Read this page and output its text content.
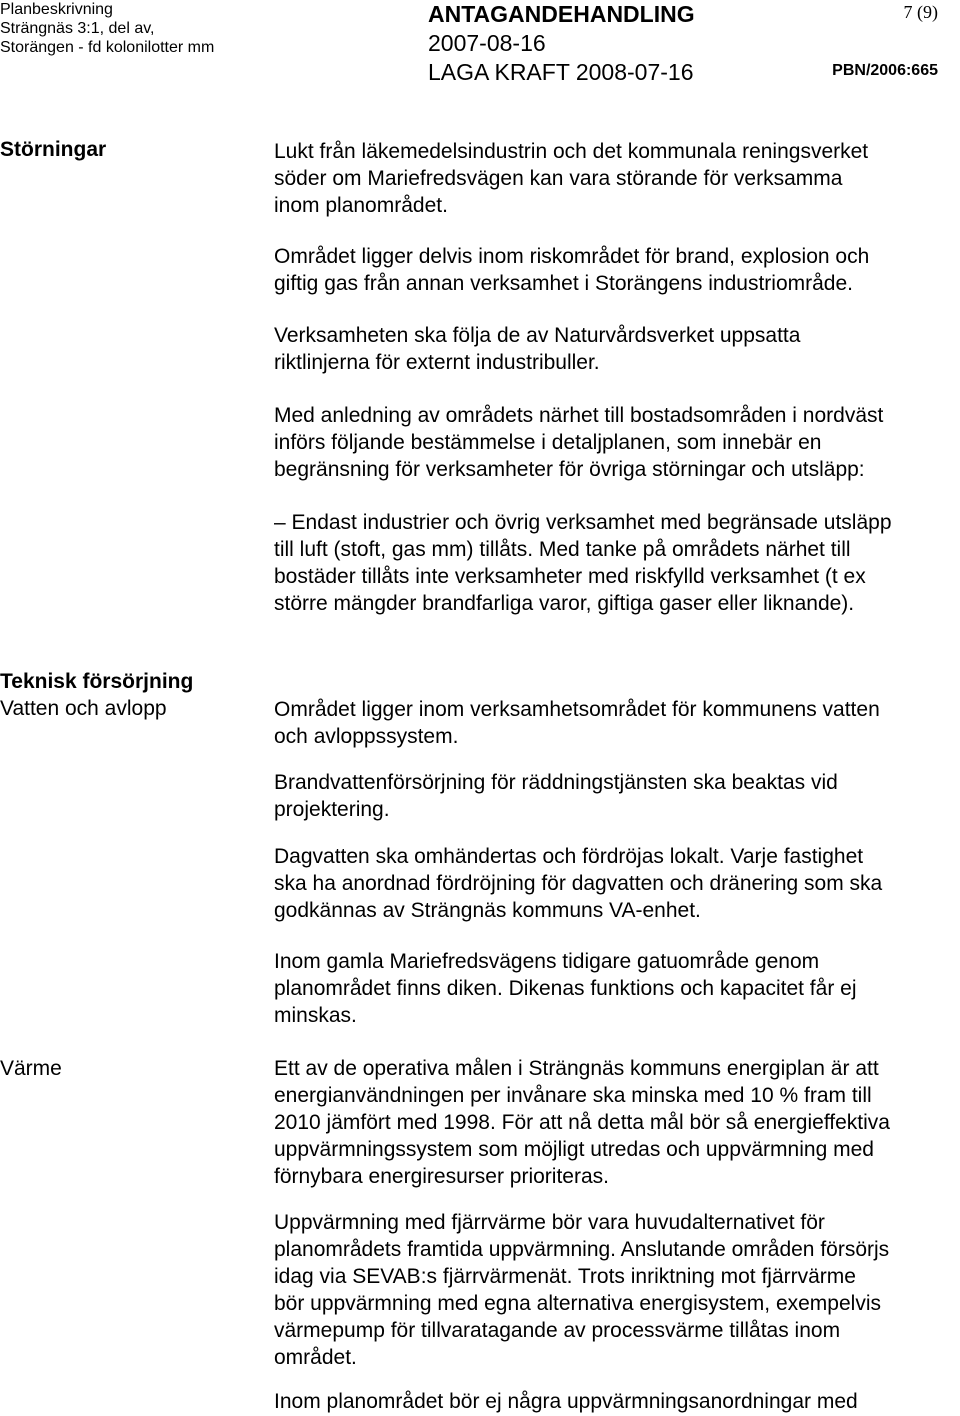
Planbeskrivning
Strängnäs 3:1, del av,
Storängen - fd kolonilotter mm
ANTAGANDEHANDLING
2007-08-16
LAGA KRAFT 2008-07-16
7 (9)
PBN/2006:665
Störningar	Lukt från läkemedelsindustrin och det kommunala reningsverket
söder om Mariefredsvägen kan vara störande för verksamma
inom planområdet.
Området ligger delvis inom riskområdet för brand, explosion och
giftig gas från annan verksamhet i Storängens industriområde.
Verksamheten ska följa de av Naturvårdsverket uppsatta
riktlinjerna för externt industribuller.
Med anledning av områdets närhet till bostadsområden i nordväst
införs följande bestämmelse i detaljplanen, som innebär en
begränsning för verksamheter för övriga störningar och utsläpp:
– Endast industrier och övrig verksamhet med begränsade utsläpp
till luft (stoft, gas mm) tillåts. Med tanke på områdets närhet till
bostäder tillåts inte verksamheter med riskfylld verksamhet (t ex
större mängder brandfarliga varor, giftiga gaser eller liknande).
Teknisk försörjning
Vatten och avlopp	Området ligger inom verksamhetsområdet för kommunens vatten
och avloppssystem.
Brandvattenförsörjning för räddningstjänsten ska beaktas vid
projektering.
Dagvatten ska omhändertas och fördröjas lokalt. Varje fastighet
ska ha anordnad fördröjning för dagvatten och dränering som ska
godkännas av Strängnäs kommuns VA-enhet.
Inom gamla Mariefredsvägens tidigare gatuområde genom
planområdet finns diken. Dikenas funktions och kapacitet får ej
minskas.
Värme	Ett av de operativa målen i Strängnäs kommuns energiplan är att
energianvändningen per invånare ska minska med 10 % fram till
2010 jämfört med 1998. För att nå detta mål bör så energieffektiva
uppvärmningssystem som möjligt utredas och uppvärmning med
förnybara energiresurser prioriteras.
Uppvärmning med fjärrvärme bör vara huvudalternativet för
planområdets framtida uppvärmning. Anslutande områden försörjs
idag via SEVAB:s fjärrvärmenät. Trots inriktning mot fjärrvärme
bör uppvärmning med egna alternativa energisystem, exempelvis
värmepump för tillvaratagande av processvärme tillåtas inom
området.
Inom planområdet bör ej några uppvärmningsanordningar med
